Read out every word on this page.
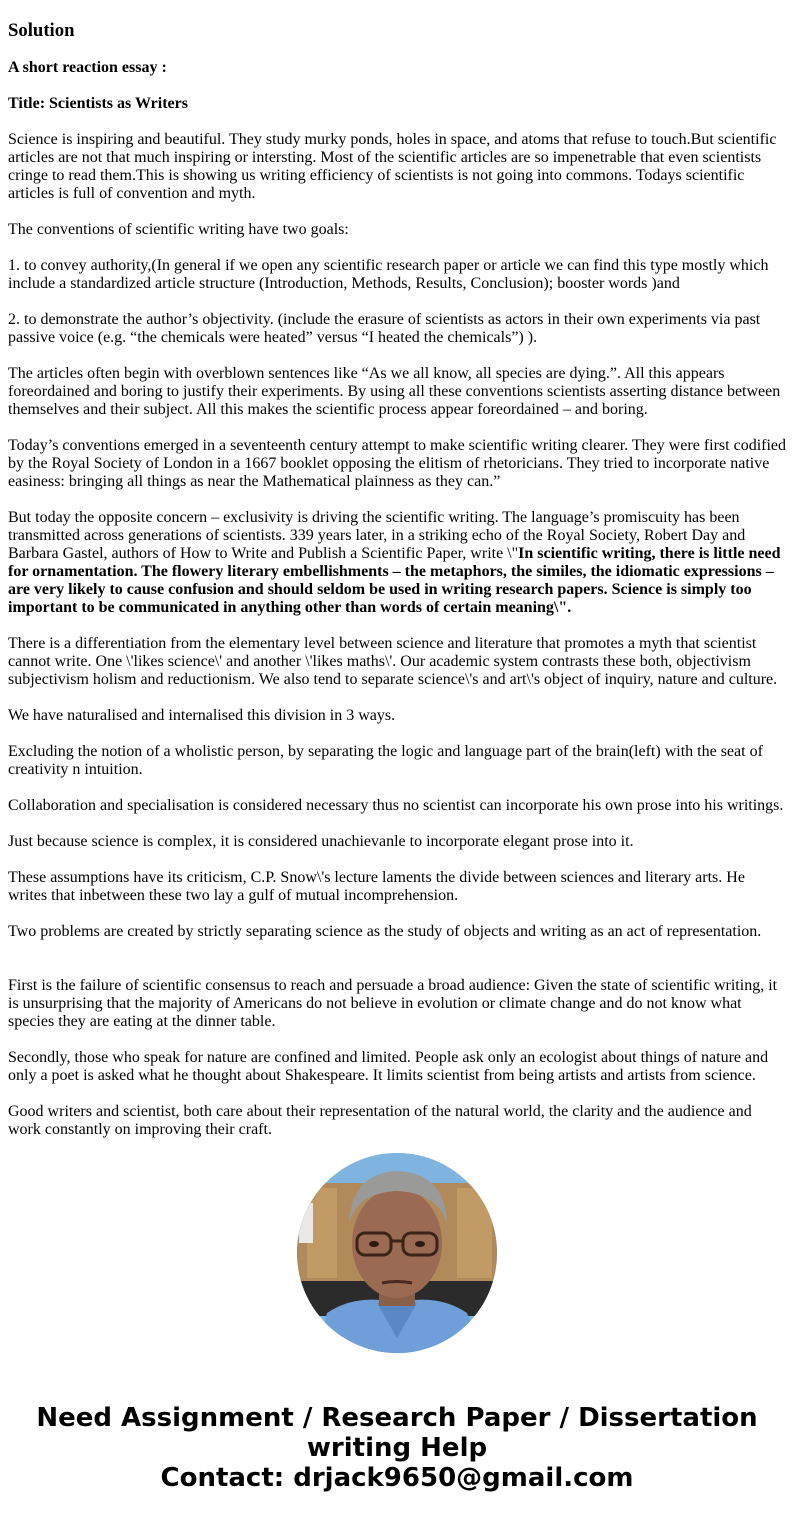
Solution

A short reaction essay :

Title: Scientists as Writers

Science is inspiring and beautiful. They study murky ponds, holes in space, and atoms that refuse to touch.But scientific articles are not that much inspiring or intersting. Most of the scientific articles are so impenetrable that even scientists cringe to read them.This is showing us writing efficiency of scientists is not going into commons. Todays scientific articles is full of convention and myth.

The conventions of scientific writing have two goals:

1. to convey authority,(In general if we open any scientific research paper or article we can find this type mostly which include a standardized article structure (Introduction, Methods, Results, Conclusion); booster words )and

2. to demonstrate the author’s objectivity. (include the erasure of scientists as actors in their own experiments via past passive voice (e.g. “the chemicals were heated” versus “I heated the chemicals”) ).

The articles often begin with overblown sentences like “As we all know, all species are dying.”. All this appears foreordained and boring to justify their experiments. By using all these conventions scientists asserting distance between themselves and their subject. All this makes the scientific process appear foreordained – and boring.

Today’s conventions emerged in a seventeenth century attempt to make scientific writing clearer. They were first codified by the Royal Society of London in a 1667 booklet opposing the elitism of rhetoricians. They tried to incorporate native easiness: bringing all things as near the Mathematical plainness as they can.”

But today the opposite concern – exclusivity is driving the scientific writing. The language’s promiscuity has been transmitted across generations of scientists. 339 years later, in a striking echo of the Royal Society, Robert Day and Barbara Gastel, authors of How to Write and Publish a Scientific Paper, write \"In scientific writing, there is little need for ornamentation. The flowery literary embellishments – the metaphors, the similes, the idiomatic expressions – are very likely to cause confusion and should seldom be used in writing research papers. Science is simply too important to be communicated in anything other than words of certain meaning\".

There is a differentiation from the elementary level between science and literature that promotes a myth that scientist cannot write. One \'likes science\' and another \'likes maths\'. Our academic system contrasts these both, objectivism subjectivism holism and reductionism. We also tend to separate science\'s and art\'s object of inquiry, nature and culture.

We have naturalised and internalised this division in 3 ways.

Excluding the notion of a wholistic person, by separating the logic and language part of the brain(left) with the seat of creativity n intuition.

Collaboration and specialisation is considered necessary thus no scientist can incorporate his own prose into his writings.

Just because science is complex, it is considered unachievanle to incorporate elegant prose into it.

These assumptions have its criticism, C.P. Snow\'s lecture laments the divide between sciences and literary arts. He writes that inbetween these two lay a gulf of mutual incomprehension.

Two problems are created by strictly separating science as the study of objects and writing as an act of representation.

First is the failure of scientific consensus to reach and persuade a broad audience: Given the state of scientific writing, it is unsurprising that the majority of Americans do not believe in evolution or climate change and do not know what species they are eating at the dinner table.

Secondly, those who speak for nature are confined and limited. People ask only an ecologist about things of nature and only a poet is asked what he thought about Shakespeare. It limits scientist from being artists and artists from science.

Good writers and scientist, both care about their representation of the natural world, the clarity and the audience and work constantly on improving their craft.

Need Assignment / Research Paper / Dissertation
writing Help
Contact: drjack9650@gmail.com
